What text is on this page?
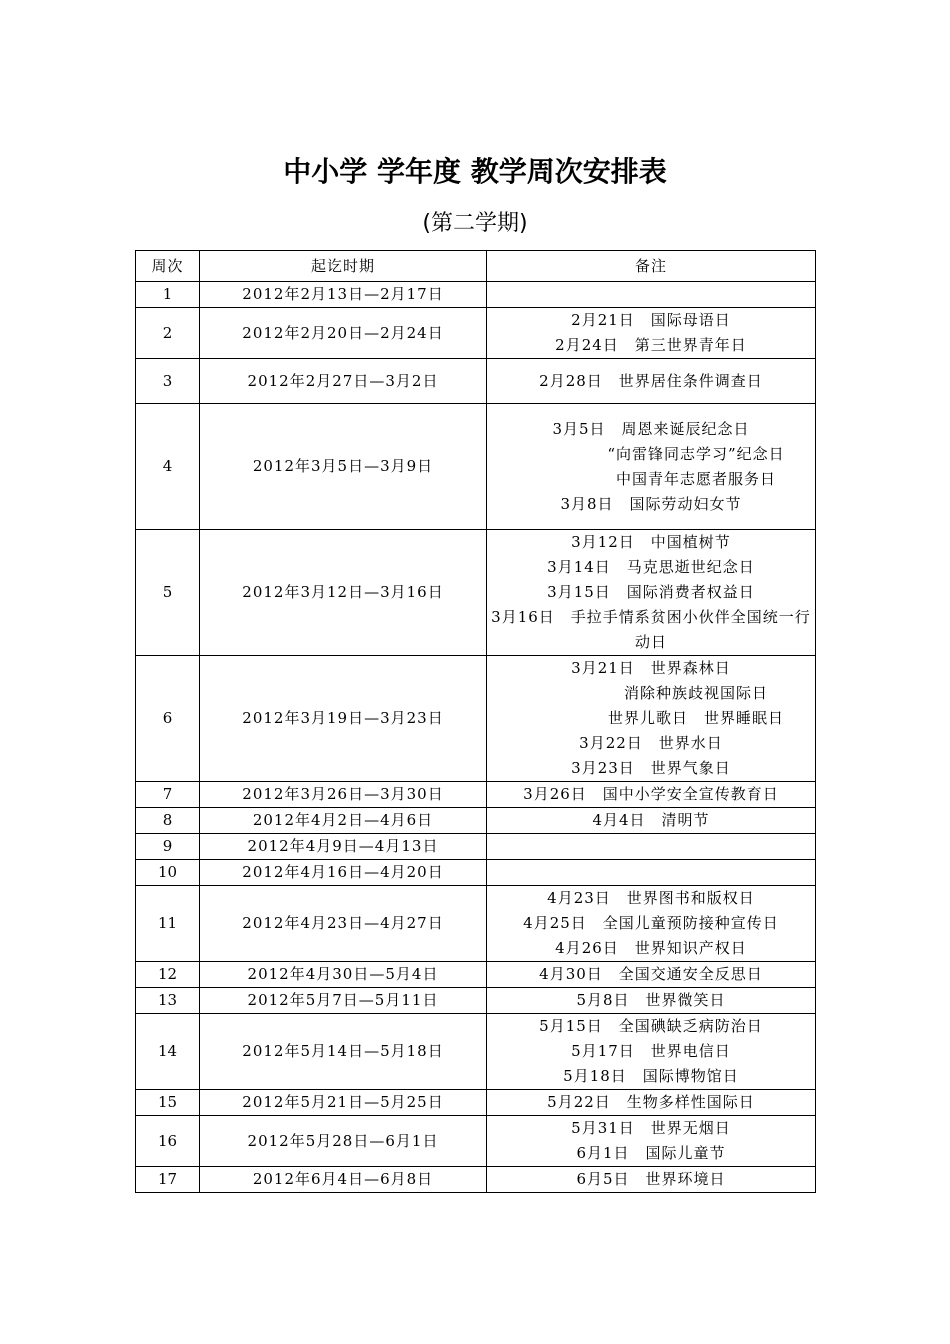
中小学 学年度 教学周次安排表
(第二学期)
周次	起讫时期	备注
1	2012年2月13日—2月17日	
2	2012年2月20日—2月24日	2月21日　国际母语日
2月24日　第三世界青年日

3	2012年2月27日—3月2日	2月28日　世界居住条件调查日

4	2012年3月5日—3月9日	3月5日　周恩来诞辰纪念日
“向雷锋同志学习”纪念日
中国青年志愿者服务日
3月8日　国际劳动妇女节

5	2012年3月12日—3月16日	3月12日　中国植树节
3月14日　马克思逝世纪念日
3月15日　国际消费者权益日
3月16日　手拉手情系贫困小伙伴全国统一行动日

6	2012年3月19日—3月23日	3月21日　世界森林日
消除种族歧视国际日
世界儿歌日　世界睡眠日
3月22日　世界水日
3月23日　世界气象日

7	2012年3月26日—3月30日	3月26日　国中小学安全宣传教育日

8	2012年4月2日—4月6日	4月4日　清明节

9	2012年4月9日—4月13日	
10	2012年4月16日—4月20日	
11	2012年4月23日—4月27日	4月23日　世界图书和版权日
4月25日　全国儿童预防接种宣传日
4月26日　世界知识产权日

12	2012年4月30日—5月4日	4月30日　全国交通安全反思日

13	2012年5月7日—5月11日	5月8日　世界微笑日

14	2012年5月14日—5月18日	5月15日　全国碘缺乏病防治日
5月17日　世界电信日
5月18日　国际博物馆日

15	2012年5月21日—5月25日	5月22日　生物多样性国际日

16	2012年5月28日—6月1日	5月31日　世界无烟日
6月1日　国际儿童节

17	2012年6月4日—6月8日	6月5日　世界环境日
